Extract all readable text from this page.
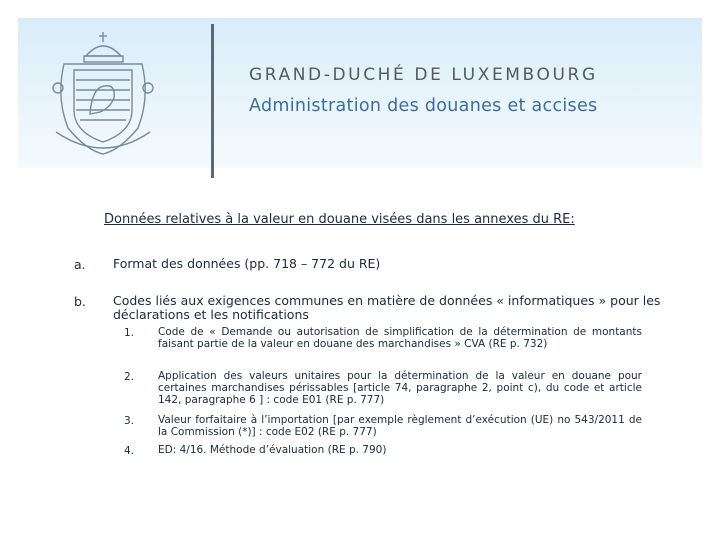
GRAND-DUCHÉ DE LUXEMBOURG
Administration des douanes et accises
Données relatives à la valeur en douane visées dans les annexes du RE:
a. Format des données (pp. 718 – 772 du RE)
b. Codes liés aux exigences communes en matière de données « informatiques » pour les déclarations et les notifications
1. Code de « Demande ou autorisation de simplification de la détermination de montants faisant partie de la valeur en douane des marchandises » CVA (RE p. 732)
2. Application des valeurs unitaires pour la détermination de la valeur en douane pour certaines marchandises périssables [article 74, paragraphe 2, point c), du code et article 142, paragraphe 6 ] : code E01 (RE p. 777)
3. Valeur forfaitaire à l’importation [par exemple règlement d’exécution (UE) no 543/2011 de la Commission (*)] : code E02 (RE p. 777)
4. ED: 4/16. Méthode d’évaluation (RE p. 790)
